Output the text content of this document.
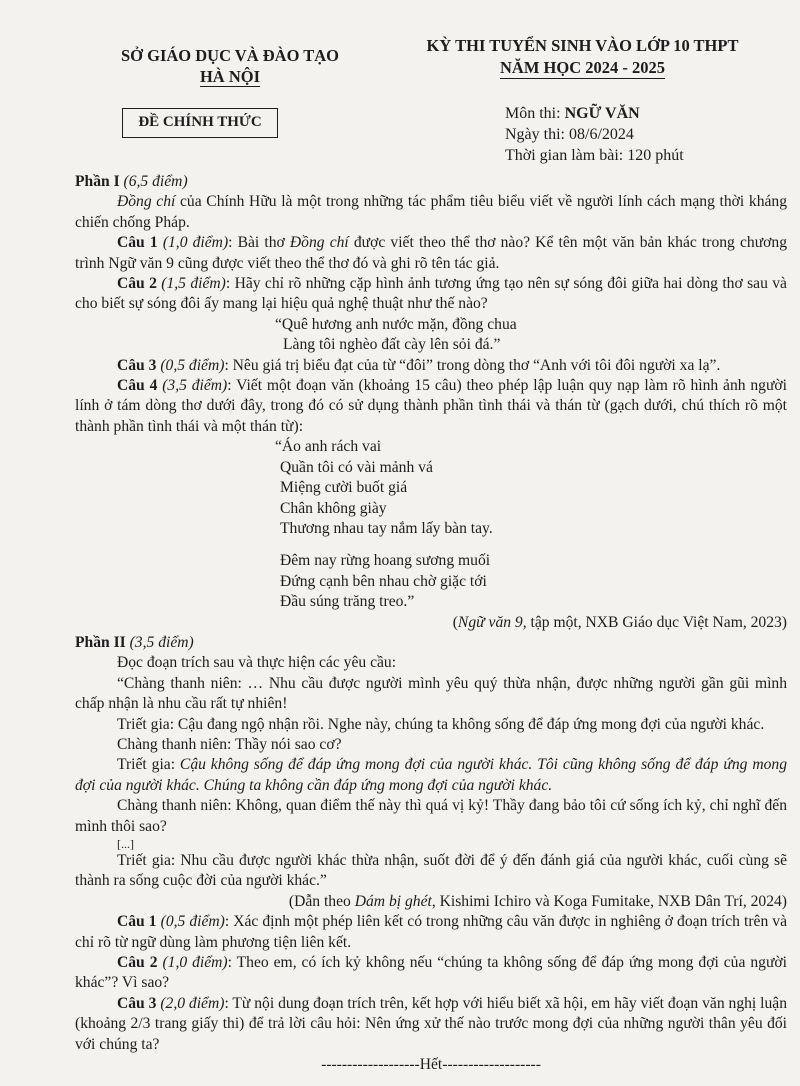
SỞ GIÁO DỤC VÀ ĐÀO TẠO
HÀ NỘI
KỲ THI TUYỂN SINH VÀO LỚP 10 THPT
NĂM HỌC 2024 - 2025
ĐỀ CHÍNH THỨC	Môn thi: NGỮ VĂN
Ngày thi: 08/6/2024
Thời gian làm bài: 120 phút

Phần I (6,5 điểm)

Đồng chí của Chính Hữu là một trong những tác phẩm tiêu biểu viết về người lính cách mạng thời kháng chiến chống Pháp.

Câu 1 (1,0 điểm): Bài thơ Đồng chí được viết theo thể thơ nào? Kể tên một văn bản khác trong chương trình Ngữ văn 9 cũng được viết theo thể thơ đó và ghi rõ tên tác giả.

Câu 2 (1,5 điểm): Hãy chỉ rõ những cặp hình ảnh tương ứng tạo nên sự sóng đôi giữa hai dòng thơ sau và cho biết sự sóng đôi ấy mang lại hiệu quả nghệ thuật như thế nào?

“Quê hương anh nước mặn, đồng chua

Làng tôi nghèo đất cày lên sỏi đá.”

Câu 3 (0,5 điểm): Nêu giá trị biểu đạt của từ “đôi” trong dòng thơ “Anh với tôi đôi người xa lạ”.

Câu 4 (3,5 điểm): Viết một đoạn văn (khoảng 15 câu) theo phép lập luận quy nạp làm rõ hình ảnh người lính ở tám dòng thơ dưới đây, trong đó có sử dụng thành phần tình thái và thán từ (gạch dưới, chú thích rõ một thành phần tình thái và một thán từ):

“Áo anh rách vai

Quần tôi có vài mảnh vá

Miệng cười buốt giá

Chân không giày

Thương nhau tay nắm lấy bàn tay.

Đêm nay rừng hoang sương muối

Đứng cạnh bên nhau chờ giặc tới

Đầu súng trăng treo.”

(Ngữ văn 9, tập một, NXB Giáo dục Việt Nam, 2023)

Phần II (3,5 điểm)

Đọc đoạn trích sau và thực hiện các yêu cầu:

“Chàng thanh niên: … Nhu cầu được người mình yêu quý thừa nhận, được những người gần gũi mình chấp nhận là nhu cầu rất tự nhiên!

Triết gia: Cậu đang ngộ nhận rồi. Nghe này, chúng ta không sống để đáp ứng mong đợi của người khác.

Chàng thanh niên: Thầy nói sao cơ?

Triết gia: Cậu không sống để đáp ứng mong đợi của người khác. Tôi cũng không sống để đáp ứng mong đợi của người khác. Chúng ta không cần đáp ứng mong đợi của người khác.

Chàng thanh niên: Không, quan điểm thế này thì quá vị kỷ! Thầy đang bảo tôi cứ sống ích kỷ, chỉ nghĩ đến mình thôi sao?

[...]

Triết gia: Nhu cầu được người khác thừa nhận, suốt đời để ý đến đánh giá của người khác, cuối cùng sẽ thành ra sống cuộc đời của người khác.”

(Dẫn theo Dám bị ghét, Kishimi Ichiro và Koga Fumitake, NXB Dân Trí, 2024)

Câu 1 (0,5 điểm): Xác định một phép liên kết có trong những câu văn được in nghiêng ở đoạn trích trên và chỉ rõ từ ngữ dùng làm phương tiện liên kết.

Câu 2 (1,0 điểm): Theo em, có ích kỷ không nếu “chúng ta không sống để đáp ứng mong đợi của người khác”? Vì sao?

Câu 3 (2,0 điểm): Từ nội dung đoạn trích trên, kết hợp với hiểu biết xã hội, em hãy viết đoạn văn nghị luận (khoảng 2/3 trang giấy thi) để trả lời câu hỏi: Nên ứng xử thế nào trước mong đợi của những người thân yêu đối với chúng ta?

-------------------Hết-------------------
